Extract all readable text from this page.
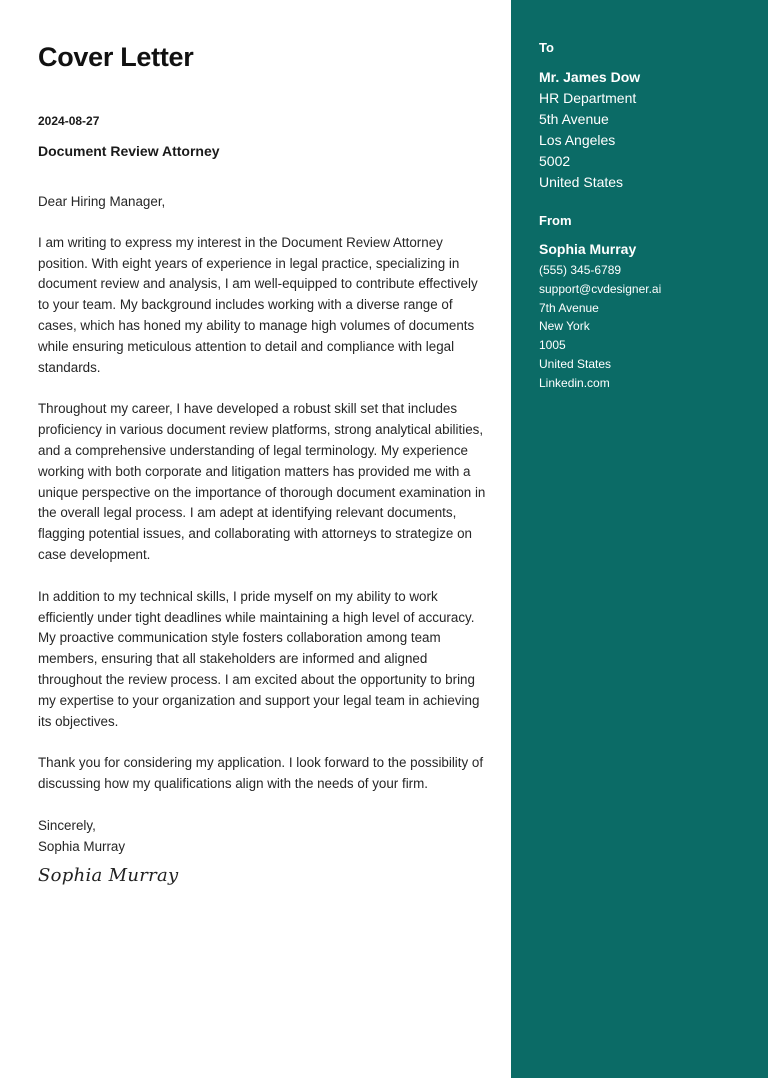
Cover Letter
2024-08-27
Document Review Attorney

Dear Hiring Manager,

I am writing to express my interest in the Document Review Attorney position. With eight years of experience in legal practice, specializing in document review and analysis, I am well-equipped to contribute effectively to your team. My background includes working with a diverse range of cases, which has honed my ability to manage high volumes of documents while ensuring meticulous attention to detail and compliance with legal standards.

Throughout my career, I have developed a robust skill set that includes proficiency in various document review platforms, strong analytical abilities, and a comprehensive understanding of legal terminology. My experience working with both corporate and litigation matters has provided me with a unique perspective on the importance of thorough document examination in the overall legal process. I am adept at identifying relevant documents, flagging potential issues, and collaborating with attorneys to strategize on case development.

In addition to my technical skills, I pride myself on my ability to work efficiently under tight deadlines while maintaining a high level of accuracy. My proactive communication style fosters collaboration among team members, ensuring that all stakeholders are informed and aligned throughout the review process. I am excited about the opportunity to bring my expertise to your organization and support your legal team in achieving its objectives.

Thank you for considering my application. I look forward to the possibility of discussing how my qualifications align with the needs of your firm.

Sincerely,
Sophia Murray
Sophia Murray
To
Mr. James Dow
HR Department
5th Avenue
Los Angeles
5002
United States
From
Sophia Murray
(555) 345-6789
support@cvdesigner.ai
7th Avenue
New York
1005
United States
Linkedin.com
